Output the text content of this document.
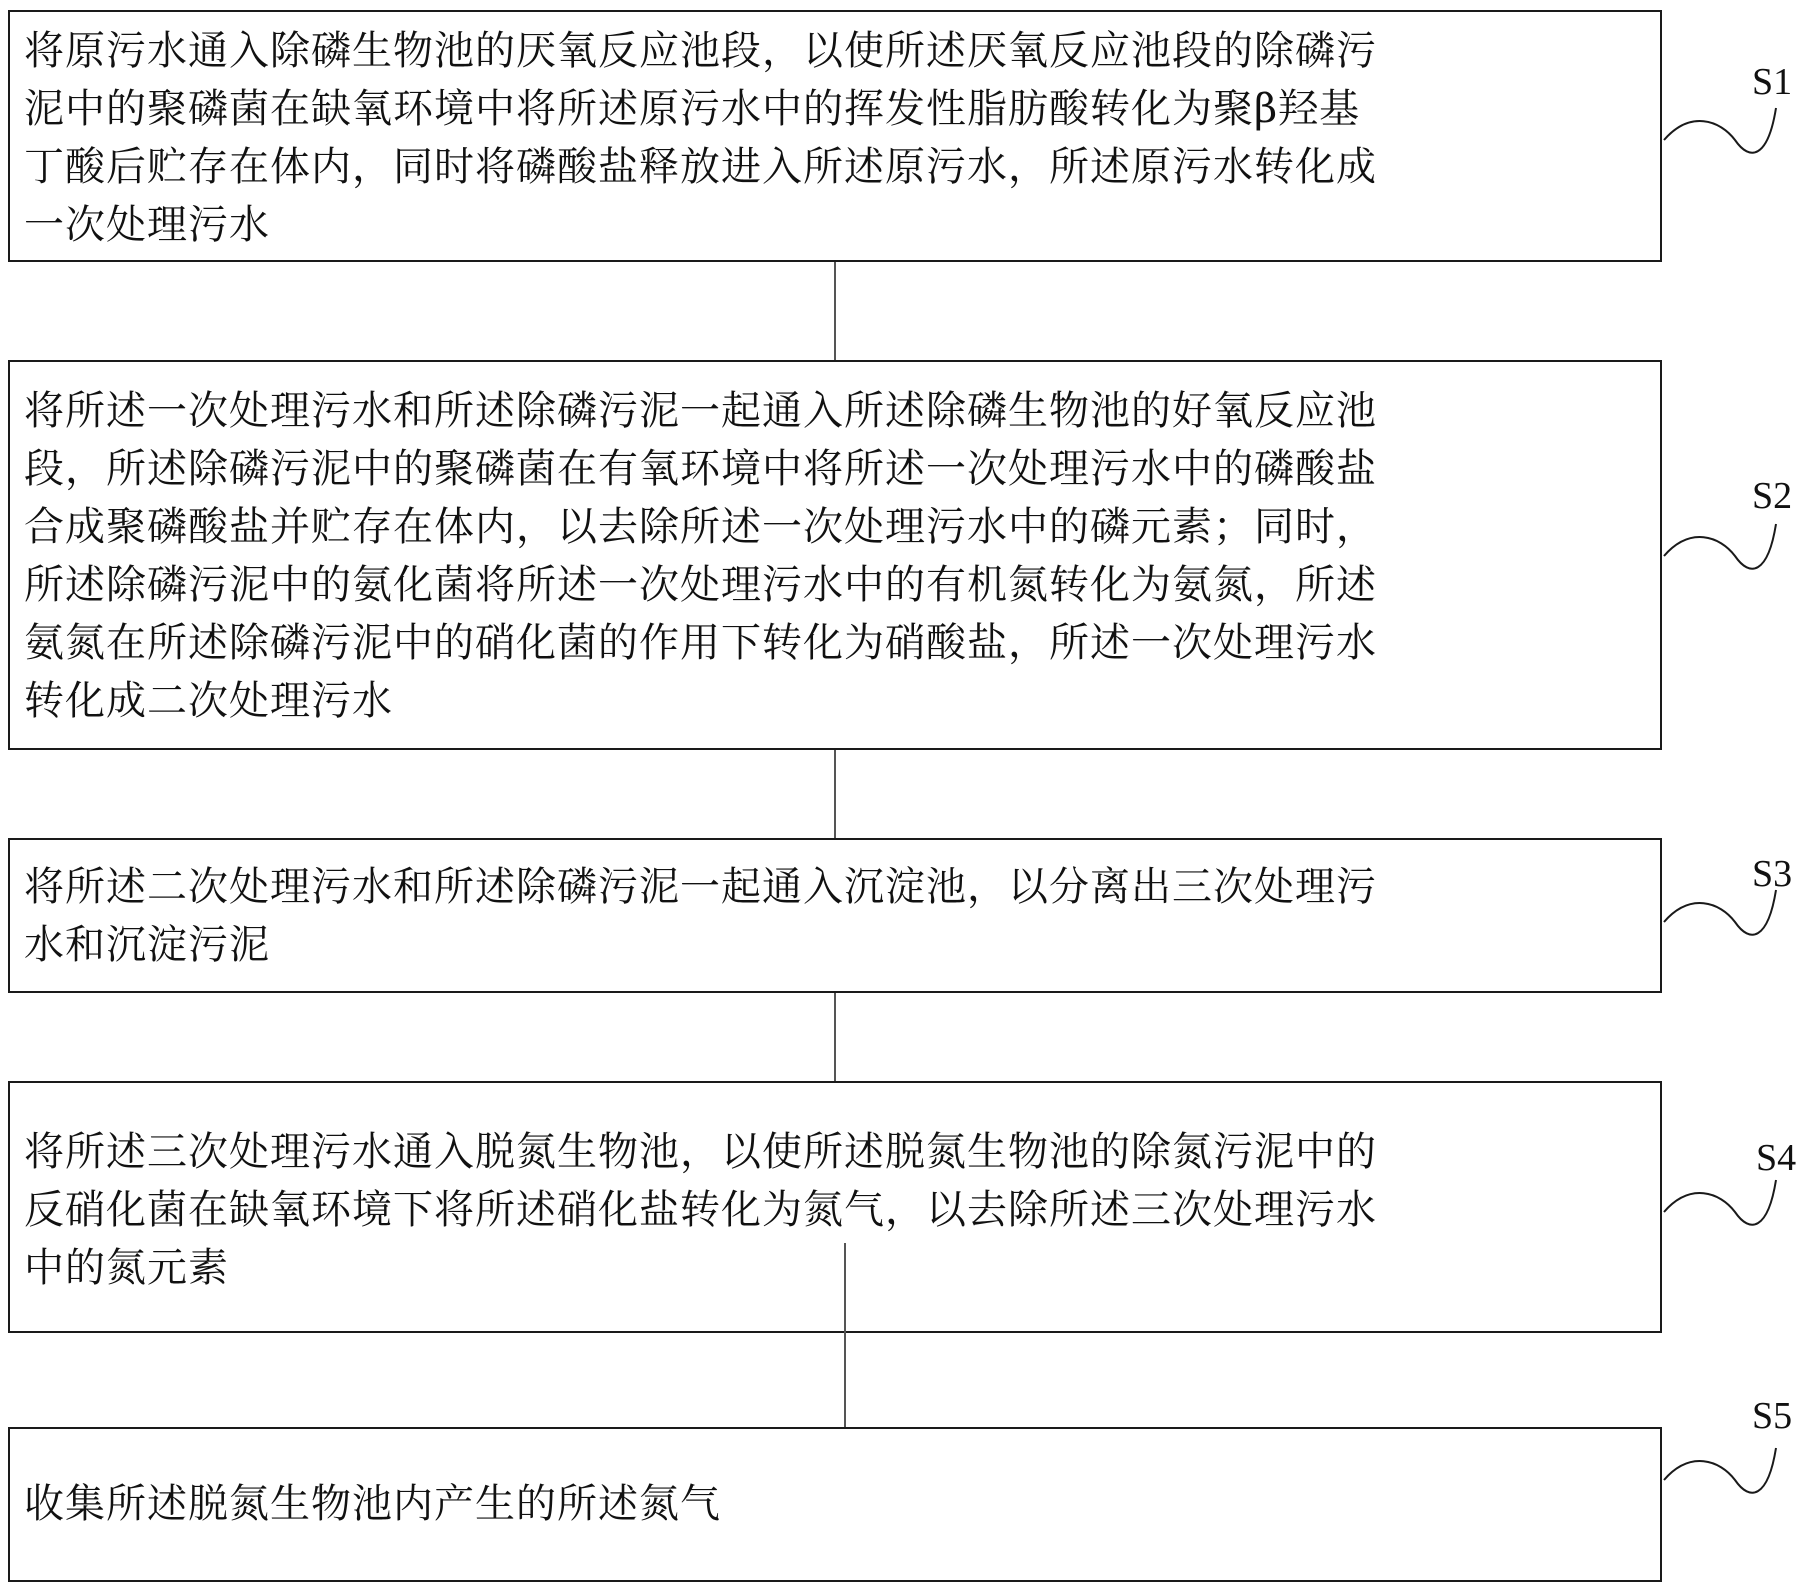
将原污水通入除磷生物池的厌氧反应池段，以使所述厌氧反应池段的除磷污
泥中的聚磷菌在缺氧环境中将所述原污水中的挥发性脂肪酸转化为聚β羟基
丁酸后贮存在体内，同时将磷酸盐释放进入所述原污水，所述原污水转化成
一次处理污水
S1
将所述一次处理污水和所述除磷污泥一起通入所述除磷生物池的好氧反应池
段，所述除磷污泥中的聚磷菌在有氧环境中将所述一次处理污水中的磷酸盐
合成聚磷酸盐并贮存在体内，以去除所述一次处理污水中的磷元素；同时，
所述除磷污泥中的氨化菌将所述一次处理污水中的有机氮转化为氨氮，所述
氨氮在所述除磷污泥中的硝化菌的作用下转化为硝酸盐，所述一次处理污水
转化成二次处理污水
S2
将所述二次处理污水和所述除磷污泥一起通入沉淀池，以分离出三次处理污
水和沉淀污泥
S3
将所述三次处理污水通入脱氮生物池，以使所述脱氮生物池的除氮污泥中的
反硝化菌在缺氧环境下将所述硝化盐转化为氮气，以去除所述三次处理污水
中的氮元素
S4
收集所述脱氮生物池内产生的所述氮气
S5
